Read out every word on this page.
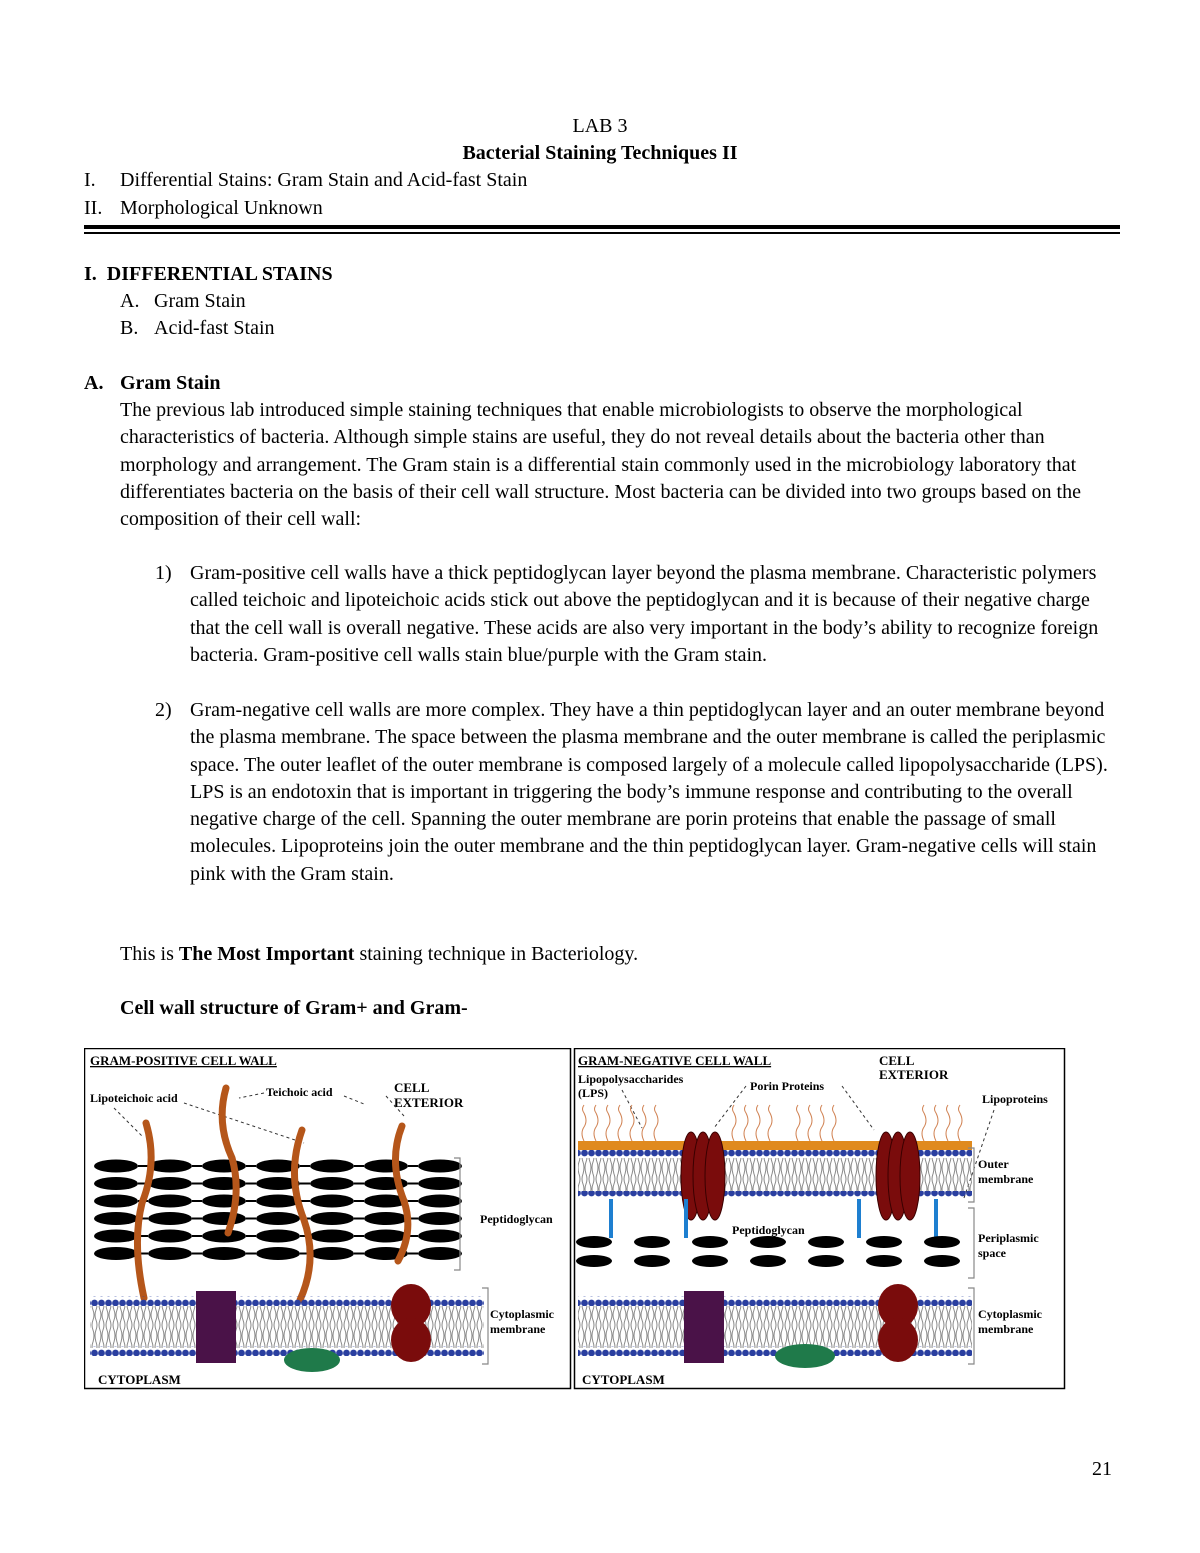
LAB 3
Bacterial Staining Techniques II
I. Differential Stains: Gram Stain and Acid-fast Stain
II. Morphological Unknown
I.  DIFFERENTIAL STAINS
A. Gram Stain
B. Acid-fast Stain
A. Gram Stain
The previous lab introduced simple staining techniques that enable microbiologists to observe the morphological characteristics of bacteria. Although simple stains are useful, they do not reveal details about the bacteria other than morphology and arrangement. The Gram stain is a differential stain commonly used in the microbiology laboratory that differentiates bacteria on the basis of their cell wall structure. Most bacteria can be divided into two groups based on the composition of their cell wall:
1) Gram-positive cell walls have a thick peptidoglycan layer beyond the plasma membrane. Characteristic polymers called teichoic and lipoteichoic acids stick out above the peptidoglycan and it is because of their negative charge that the cell wall is overall negative. These acids are also very important in the body’s ability to recognize foreign bacteria. Gram-positive cell walls stain blue/purple with the Gram stain.
2) Gram-negative cell walls are more complex. They have a thin peptidoglycan layer and an outer membrane beyond the plasma membrane. The space between the plasma membrane and the outer membrane is called the periplasmic space. The outer leaflet of the outer membrane is composed largely of a molecule called lipopolysaccharide (LPS). LPS is an endotoxin that is important in triggering the body’s immune response and contributing to the overall negative charge of the cell. Spanning the outer membrane are porin proteins that enable the passage of small molecules. Lipoproteins join the outer membrane and the thin peptidoglycan layer. Gram-negative cells will stain pink with the Gram stain.
This is The Most Important staining technique in Bacteriology.
Cell wall structure of Gram+ and Gram-
GRAM-POSITIVE CELL WALL
Lipoteichoic acid	Teichoic acid	CELL
EXTERIOR
Peptidoglycan
Cytoplasmic
membrane
CYTOPLASM
GRAM-NEGATIVE CELL WALL
Lipopolysaccharides
(LPS)	Porin Proteins
CELL
EXTERIOR
Lipoproteins
Peptidoglycan
Outer
membrane
Periplasmic
space
Cytoplasmic
membrane
CYTOPLASM
21
